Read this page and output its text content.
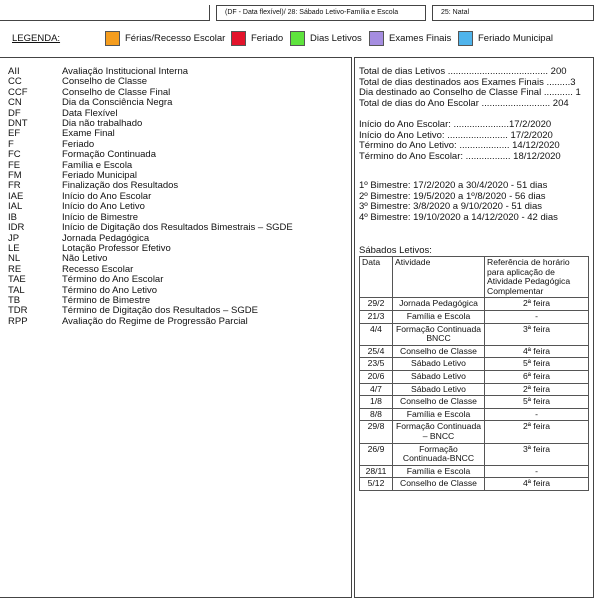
(DF - Data flexível)/ 28: Sábado Letivo-Família e Escola	25: Natal
LEGENDA:	Férias/Recesso Escolar	Feriado	Dias Letivos	Exames Finais	Feriado Municipal
AII	Avaliação Institucional Interna
CC	Conselho de Classe
CCF	Conselho de Classe Final
CN	Dia da Consciência Negra
DF	Data Flexível
DNT	Dia não trabalhado
EF	Exame Final
F	Feriado
FC	Formação Continuada
FE	Família e Escola
FM	Feriado Municipal
FR	Finalização dos Resultados
IAE	Início do Ano Escolar
IAL	Início do Ano Letivo
IB	Início de Bimestre
IDR	Início de Digitação dos Resultados Bimestrais – SGDE
JP	Jornada Pedagógica
LE	Lotação Professor Efetivo
NL	Não Letivo
RE	Recesso Escolar
TAE	Término do Ano Escolar
TAL	Término do Ano Letivo
TB	Término de Bimestre
TDR	Término de Digitação dos Resultados – SGDE
RPP	Avaliação do Regime de Progressão Parcial
Total de dias Letivos ...................................... 200
Total de dias destinados aos Exames Finais .........3
Dia destinado ao Conselho de Classe Final ........... 1
Total de dias do Ano Escolar .......................... 204
Início do Ano Escolar: .....................17/2/2020
Início do Ano Letivo: ....................... 17/2/2020
Término do Ano Letivo: ................... 14/12/2020
Término do Ano Escolar: ................. 18/12/2020
1º Bimestre: 17/2/2020 a 30/4/2020 - 51 dias
2º Bimestre: 19/5/2020 a 1º/8/2020 - 56 dias
3º Bimestre: 3/8/2020 a 9/10/2020 - 51 dias
4º Bimestre: 19/10/2020 a 14/12/2020 - 42 dias
Sábados Letivos:
Data	Atividade	Referência de horário para aplicação de Atividade Pedagógica Complementar
29/2	Jornada Pedagógica	2ª feira
21/3	Família e Escola	-
4/4	Formação Continuada BNCC	3ª feira
25/4	Conselho de Classe	4ª feira
23/5	Sábado Letivo	5ª feira
20/6	Sábado Letivo	6ª feira
4/7	Sábado Letivo	2ª feira
1/8	Conselho de Classe	5ª feira
8/8	Família e Escola	-
29/8	Formação Continuada – BNCC	2ª feira
26/9	Formação Continuada-BNCC	3ª feira
28/11	Família e Escola	-
5/12	Conselho de Classe	4ª feira
